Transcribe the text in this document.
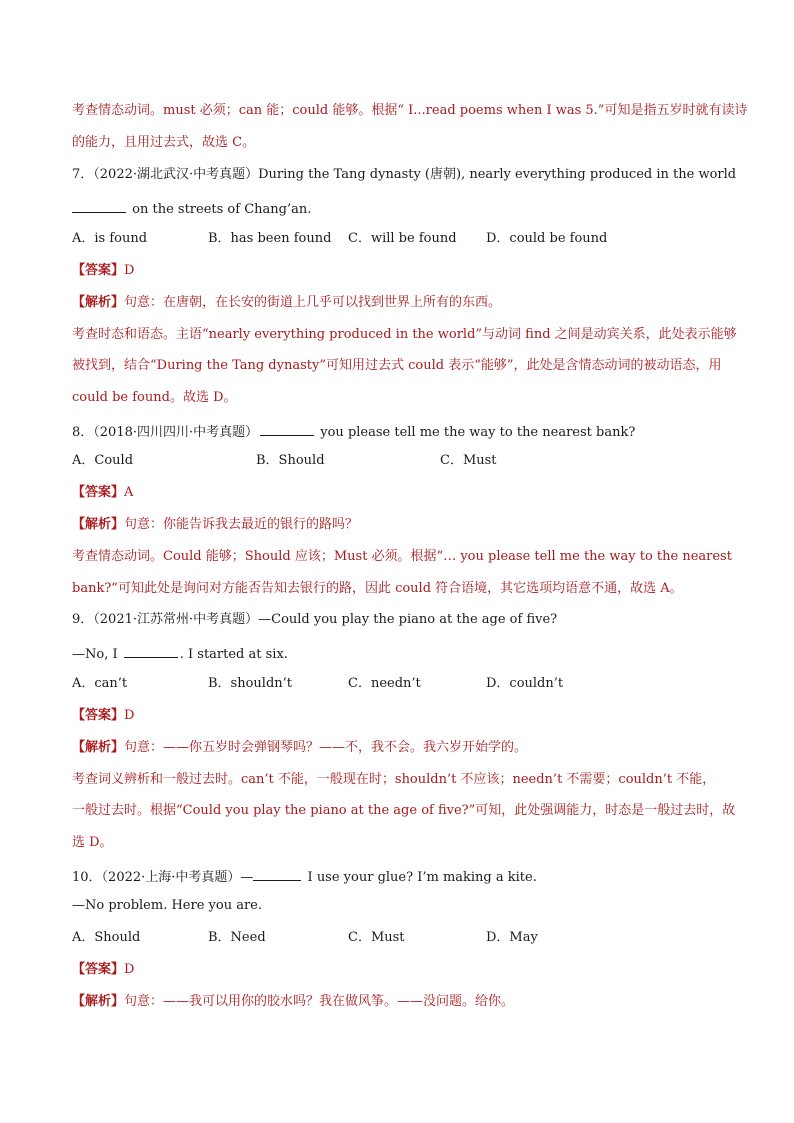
考查情态动词。must 必须；can 能；could 能够。根据“ I...read poems when I was 5.”可知是指五岁时就有读诗
的能力，且用过去式，故选 C。
7．（2022·湖北武汉·中考真题）During the Tang dynasty (唐朝), nearly everything produced in the world
on the streets of Chang’an.
A．is found	B．has been found C．will be found D．could be found
【答案】D
【解析】句意：在唐朝，在长安的街道上几乎可以找到世界上所有的东西。
考查时态和语态。主语“nearly everything produced in the world”与动词 find 之间是动宾关系，此处表示能够
被找到，结合“During the Tang dynasty”可知用过去式 could 表示“能够”，此处是含情态动词的被动语态，用
could be found。故选 D。
8．（2018·四川四川·中考真题）	you please tell me the way to the nearest bank?
A．Could	B．Should	C．Must
【答案】A
【解析】句意：你能告诉我去最近的银行的路吗？
考查情态动词。Could 能够；Should 应该；Must 必须。根据“… you please tell me the way to the nearest
bank?”可知此处是询问对方能否告知去银行的路，因此 could 符合语境，其它选项均语意不通，故选 A。
9．（2021·江苏常州·中考真题）—Could you play the piano at the age of five?
—No, I	. I started at six.
A．can’t	B．shouldn’t	C．needn’t	D．couldn’t
【答案】D
【解析】句意：——你五岁时会弹钢琴吗？——不，我不会。我六岁开始学的。
考查词义辨析和一般过去时。can’t 不能，一般现在时；shouldn’t 不应该；needn’t 不需要；couldn’t 不能，
一般过去时。根据“Could you play the piano at the age of five?”可知，此处强调能力，时态是一般过去时，故
选 D。
10．（2022·上海·中考真题）—	I use your glue? I’m making a kite.
—No problem. Here you are.
A．Should	B．Need	C．Must	D．May
【答案】D
【解析】句意：——我可以用你的胶水吗？我在做风筝。——没问题。给你。
